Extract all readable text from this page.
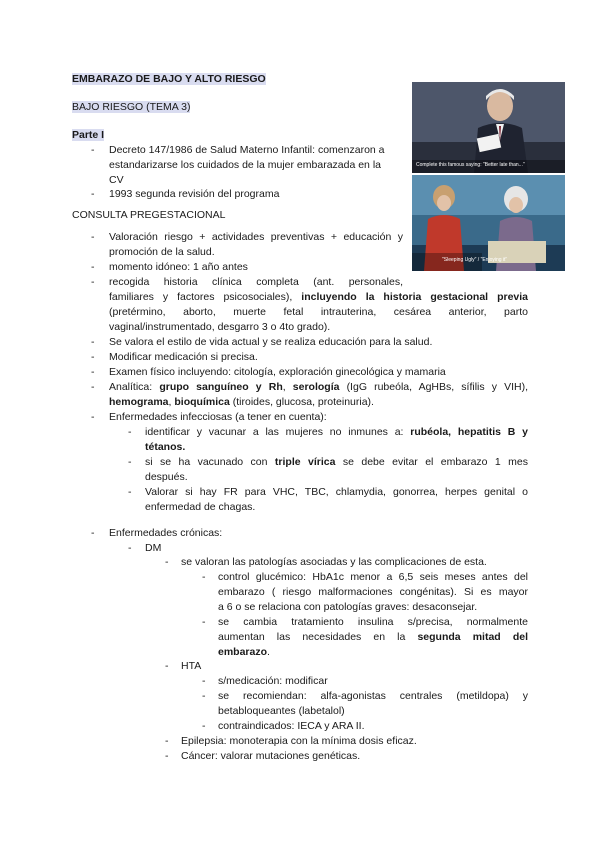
EMBARAZO DE BAJO Y ALTO RIESGO
BAJO RIESGO (TEMA 3)
Parte I
- Decreto 147/1986 de Salud Materno Infantil: comenzaron a
estandarizarse los cuidados de la mujer embarazada en la
CV
- 1993 segunda revisión del programa
Complete this famous saying: "Better late than..."
"Sleeping Ugly" / "Enjoying it"
CONSULTA PREGESTACIONAL
- Valoración riesgo + actividades preventivas + educación y
promoción de la salud.
- momento idóneo: 1 año antes
- recogida historia clínica completa (ant. personales,
familiares y factores psicosociales), incluyendo la historia gestacional previa
(pretérmino, aborto, muerte fetal intrauterina, cesárea anterior, parto
vaginal/instrumentado, desgarro 3 o 4to grado).
- Se valora el estilo de vida actual y se realiza educación para la salud.
- Modificar medicación si precisa.
- Examen físico incluyendo: citología, exploración ginecológica y mamaria
- Analítica: grupo sanguíneo y Rh, serología (IgG rubeóla, AgHBs, sífilis y VIH),
hemograma, bioquímica (tiroides, glucosa, proteinuria).
- Enfermedades infecciosas (a tener en cuenta):
- identificar y vacunar a las mujeres no inmunes a: rubéola, hepatitis B y
tétanos.
- si se ha vacunado con triple vírica se debe evitar el embarazo 1 mes
después.
- Valorar si hay FR para VHC, TBC, chlamydia, gonorrea, herpes genital o
enfermedad de chagas.
- Enfermedades crónicas:
- DM
- se valoran las patologías asociadas y las complicaciones de esta.
- control glucémico: HbA1c menor a 6,5 seis meses antes del
embarazo ( riesgo malformaciones congénitas). Si es mayor
a 6 o se relaciona con patologías graves: desaconsejar.
- se cambia tratamiento insulina s/precisa, normalmente
aumentan las necesidades en la segunda mitad del
embarazo.
- HTA
- s/medicación: modificar
- se recomiendan: alfa-agonistas centrales (metildopa) y
betabloqueantes (labetalol)
- contraindicados: IECA y ARA II.
- Epilepsia: monoterapia con la mínima dosis eficaz.
- Cáncer: valorar mutaciones genéticas.
